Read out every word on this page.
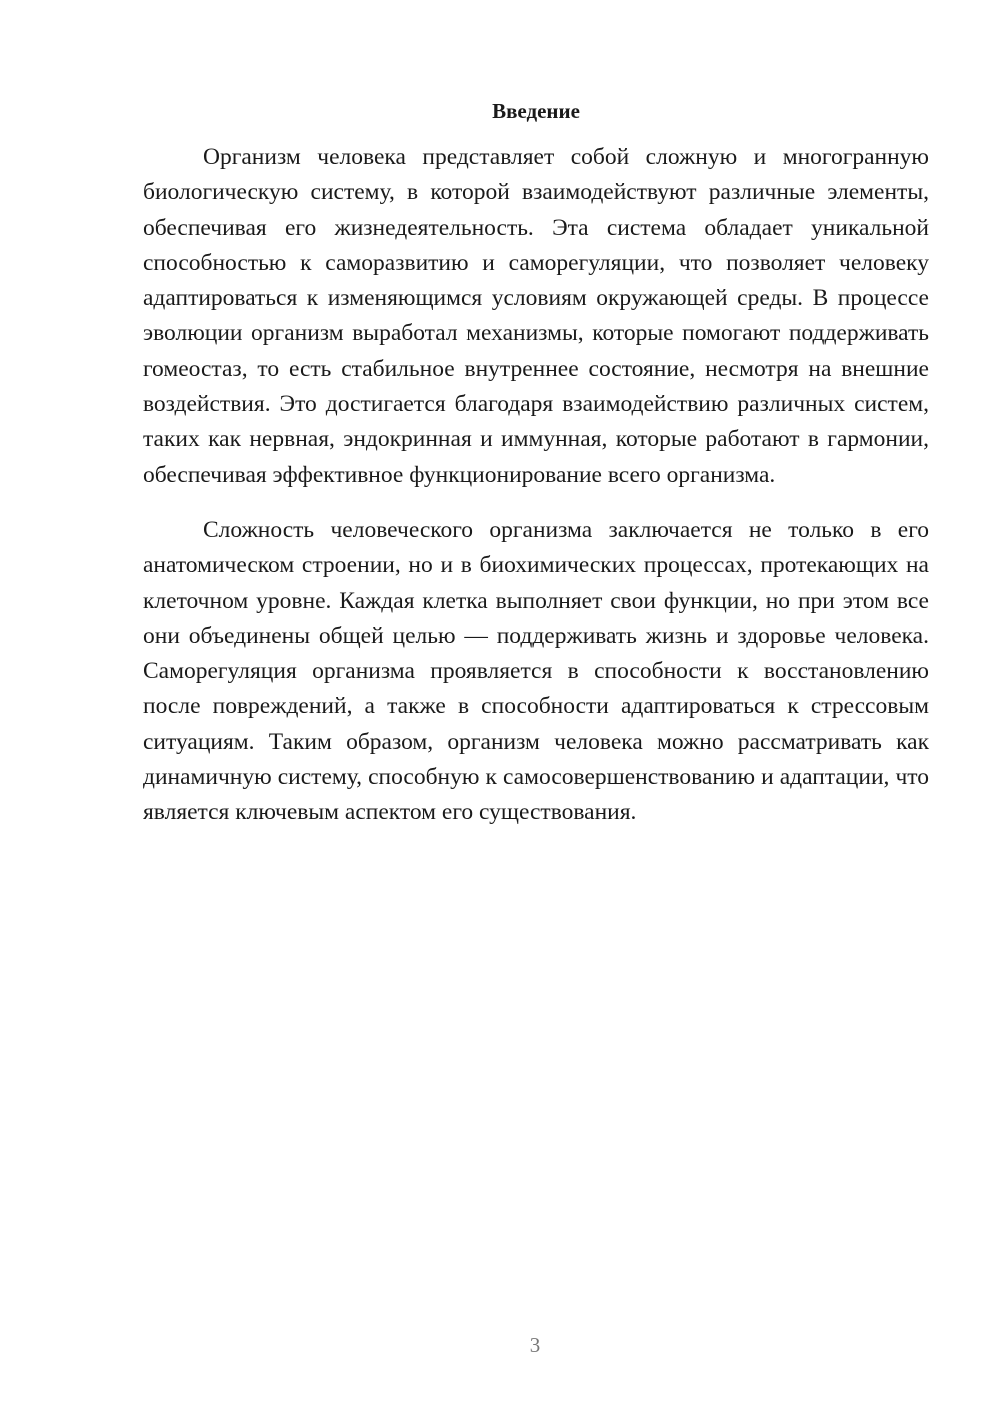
Введение

Организм человека представляет собой сложную и многогранную биологическую систему, в которой взаимодействуют различные элементы, обеспечивая его жизнедеятельность. Эта система обладает уникальной способностью к саморазвитию и саморегуляции, что позволяет человеку адаптироваться к изменяющимся условиям окружающей среды. В процессе эволюции организм выработал механизмы, которые помогают поддерживать гомеостаз, то есть стабильное внутреннее состояние, несмотря на внешние воздействия. Это достигается благодаря взаимодействию различных систем, таких как нервная, эндокринная и иммунная, которые работают в гармонии, обеспечивая эффективное функционирование всего организма.

Сложность человеческого организма заключается не только в его анатомическом строении, но и в биохимических процессах, протекающих на клеточном уровне. Каждая клетка выполняет свои функции, но при этом все они объединены общей целью — поддерживать жизнь и здоровье человека. Саморегуляция организма проявляется в способности к восстановлению после повреждений, а также в способности адаптироваться к стрессовым ситуациям. Таким образом, организм человека можно рассматривать как динамичную систему, способную к самосовершенствованию и адаптации, что является ключевым аспектом его существования.

3
